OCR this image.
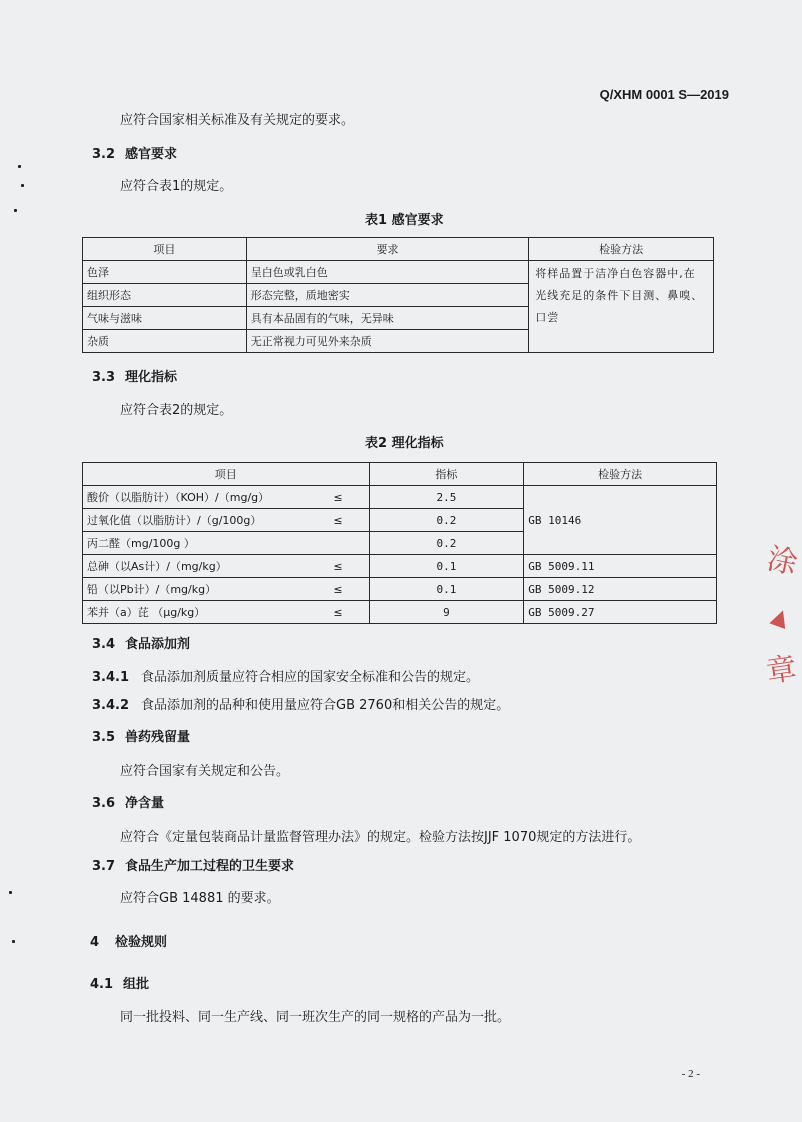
Q/XHM 0001 S—2019
应符合国家相关标准及有关规定的要求。
3.2 感官要求
应符合表1的规定。
表1 感官要求
项目	要求	检验方法
色泽	呈白色或乳白色	将样品置于洁净白色容器中,在光线充足的条件下目测、鼻嗅、口尝
组织形态	形态完整，质地密实	
气味与滋味	具有本品固有的气味，无异味	
杂质	无正常视力可见外来杂质	
3.3 理化指标
应符合表2的规定。
表2 理化指标
项目		指标	检验方法
酸价（以脂肪计）（KOH）/（mg/g）	≤	2.5	GB 10146
过氧化值（以脂肪计）/（g/100g）	≤	0.2	
丙二醛（mg/100g ）		0.2	
总砷（以As计）/（mg/kg）	≤	0.1	GB 5009.11
铅（以Pb计）/（mg/kg）	≤	0.1	GB 5009.12
苯并（a）芘 （μg/kg）	≤	9	GB 5009.27
3.4 食品添加剂
3.4.1 食品添加剂质量应符合相应的国家安全标准和公告的规定。
3.4.2 食品添加剂的品种和使用量应符合GB 2760和相关公告的规定。
3.5 兽药残留量
应符合国家有关规定和公告。
3.6 净含量
应符合《定量包装商品计量监督管理办法》的规定。检验方法按JJF 1070规定的方法进行。
3.7 食品生产加工过程的卫生要求
应符合GB 14881 的要求。
4 检验规则
4.1 组批
同一批投料、同一生产线、同一班次生产的同一规格的产品为一批。
- 2 -
涂
▲
章
